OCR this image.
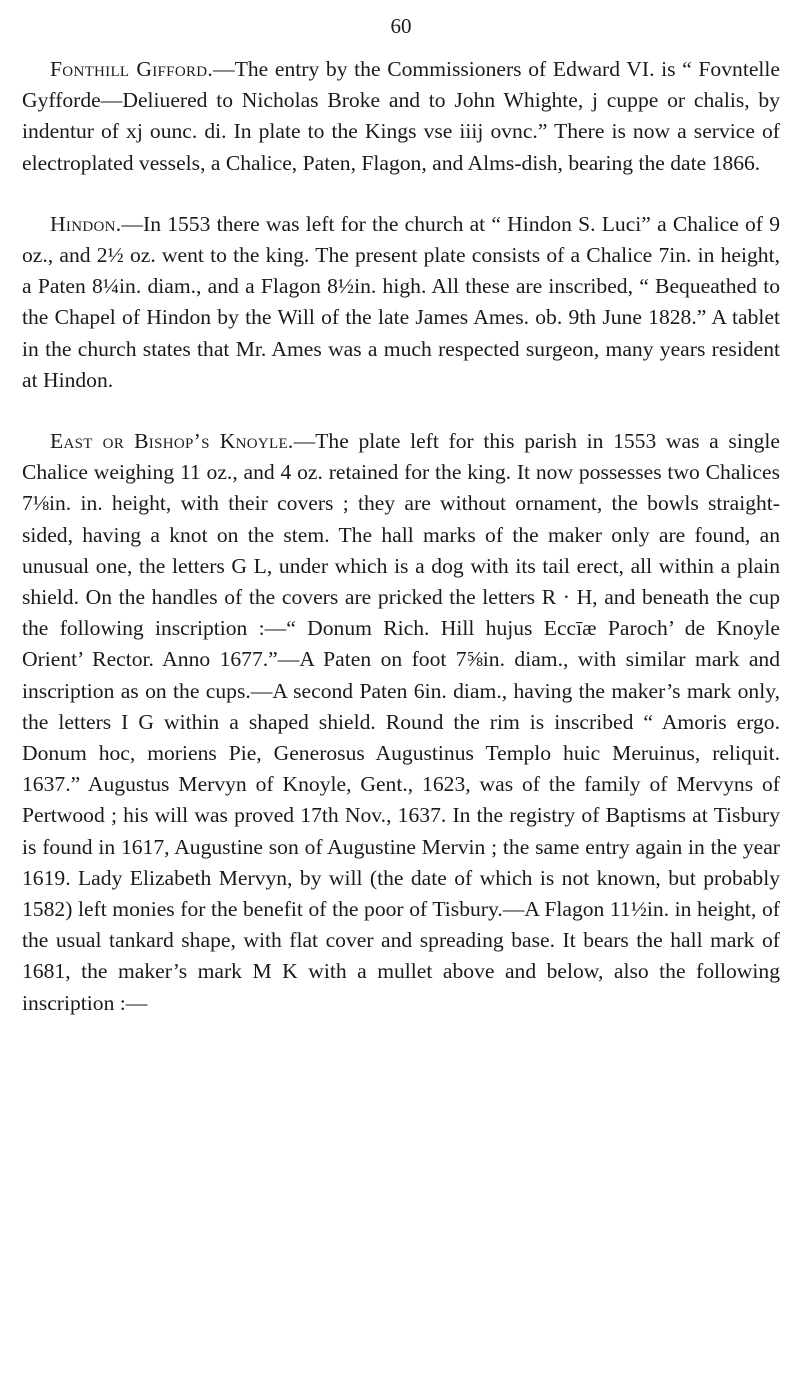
60

Fonthill Gifford.—The entry by the Commissioners of Edward VI. is “ Fovntelle Gyfforde—Deliuered to Nicholas Broke and to John Whighte, j cuppe or chalis, by indentur of xj ounc. di. In plate to the Kings vse iiij ovnc.” There is now a service of electroplated vessels, a Chalice, Paten, Flagon, and Alms-dish, bearing the date 1866.

Hindon.—In 1553 there was left for the church at “ Hindon S. Luci” a Chalice of 9 oz., and 2½ oz. went to the king. The present plate consists of a Chalice 7in. in height, a Paten 8¼in. diam., and a Flagon 8½in. high. All these are inscribed, “ Bequeathed to the Chapel of Hindon by the Will of the late James Ames. ob. 9th June 1828.” A tablet in the church states that Mr. Ames was a much respected surgeon, many years resident at Hindon.

East or Bishop’s Knoyle.—The plate left for this parish in 1553 was a single Chalice weighing 11 oz., and 4 oz. retained for the king. It now possesses two Chalices 7⅛in. in. height, with their covers ; they are without ornament, the bowls straight-sided, having a knot on the stem. The hall marks of the maker only are found, an unusual one, the letters G L, under which is a dog with its tail erect, all within a plain shield. On the handles of the covers are pricked the letters R · H, and beneath the cup the following inscription :—“ Donum Rich. Hill hujus Eccīæ Paroch’ de Knoyle Orient’ Rector. Anno 1677.”—A Paten on foot 7⅝in. diam., with similar mark and inscription as on the cups.—A second Paten 6in. diam., having the maker’s mark only, the letters I G within a shaped shield. Round the rim is inscribed “ Amoris ergo. Donum hoc, moriens Pie, Generosus Augustinus Templo huic Meruinus, reliquit. 1637.” Augustus Mervyn of Knoyle, Gent., 1623, was of the family of Mervyns of Pertwood ; his will was proved 17th Nov., 1637. In the registry of Baptisms at Tisbury is found in 1617, Augustine son of Augustine Mervin ; the same entry again in the year 1619. Lady Elizabeth Mervyn, by will (the date of which is not known, but probably 1582) left monies for the benefit of the poor of Tisbury.—A Flagon 11½in. in height, of the usual tankard shape, with flat cover and spreading base. It bears the hall mark of 1681, the maker’s mark M K with a mullet above and below, also the following inscription :—
